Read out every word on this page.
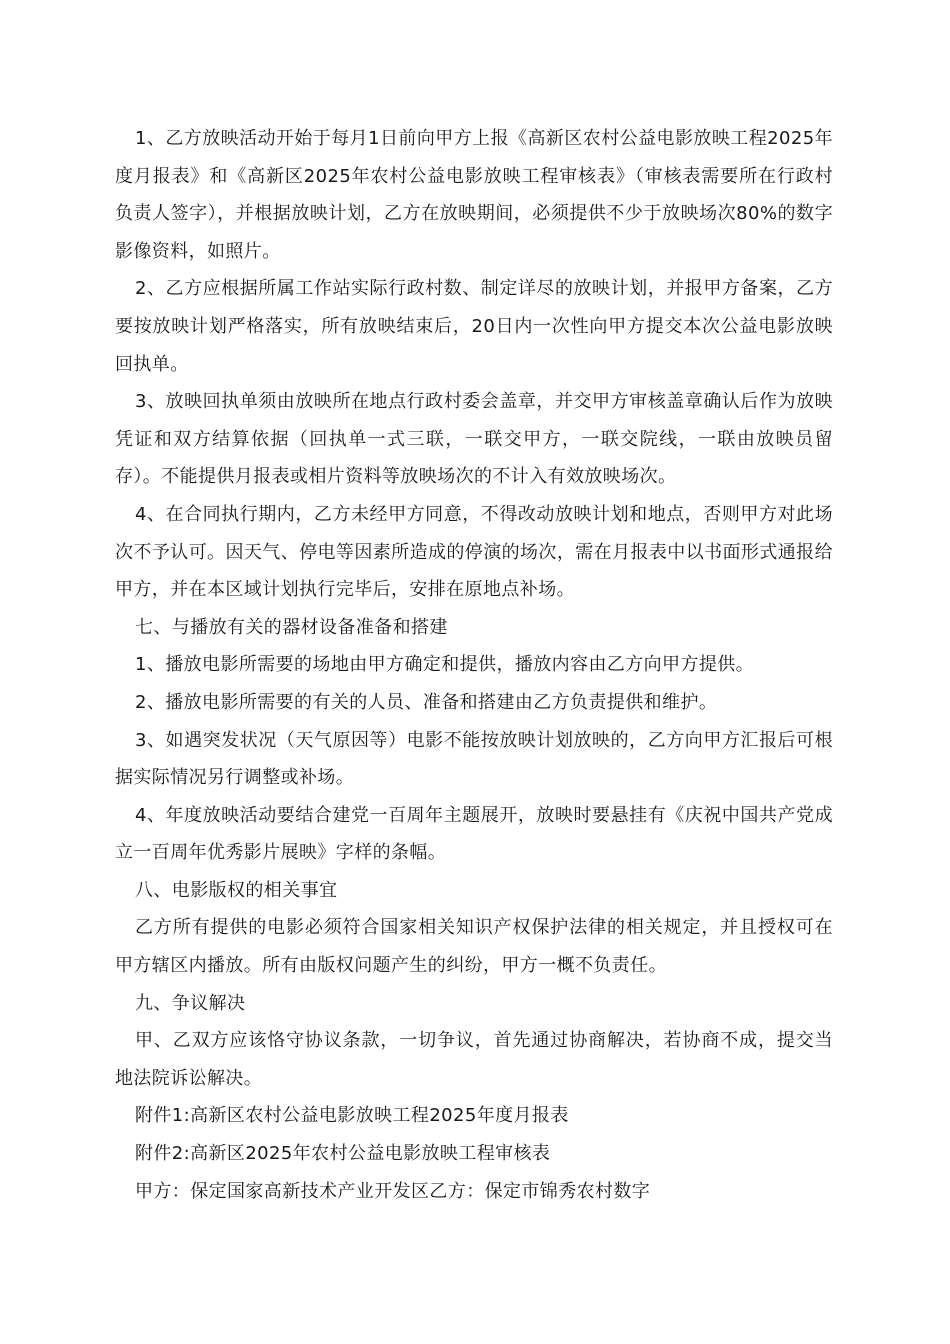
1、乙方放映活动开始于每月1日前向甲方上报《高新区农村公益电影放映工程2025年度月报表》和《高新区2025年农村公益电影放映工程审核表》（审核表需要所在行政村负责人签字），并根据放映计划，乙方在放映期间，必须提供不少于放映场次80%的数字影像资料，如照片。

2、乙方应根据所属工作站实际行政村数、制定详尽的放映计划，并报甲方备案，乙方要按放映计划严格落实，所有放映结束后，20日内一次性向甲方提交本次公益电影放映回执单。

3、放映回执单须由放映所在地点行政村委会盖章，并交甲方审核盖章确认后作为放映凭证和双方结算依据（回执单一式三联，一联交甲方，一联交院线，一联由放映员留存）。不能提供月报表或相片资料等放映场次的不计入有效放映场次。

4、在合同执行期内，乙方未经甲方同意，不得改动放映计划和地点，否则甲方对此场次不予认可。因天气、停电等因素所造成的停演的场次，需在月报表中以书面形式通报给甲方，并在本区域计划执行完毕后，安排在原地点补场。

七、与播放有关的器材设备准备和搭建

1、播放电影所需要的场地由甲方确定和提供，播放内容由乙方向甲方提供。

2、播放电影所需要的有关的人员、准备和搭建由乙方负责提供和维护。

3、如遇突发状况（天气原因等）电影不能按放映计划放映的，乙方向甲方汇报后可根据实际情况另行调整或补场。

4、年度放映活动要结合建党一百周年主题展开，放映时要悬挂有《庆祝中国共产党成立一百周年优秀影片展映》字样的条幅。

八、电影版权的相关事宜

乙方所有提供的电影必须符合国家相关知识产权保护法律的相关规定，并且授权可在甲方辖区内播放。所有由版权问题产生的纠纷，甲方一概不负责任。

九、争议解决

甲、乙双方应该恪守协议条款，一切争议，首先通过协商解决，若协商不成，提交当地法院诉讼解决。

附件1:高新区农村公益电影放映工程2025年度月报表

附件2:高新区2025年农村公益电影放映工程审核表

甲方：保定国家高新技术产业开发区乙方：保定市锦秀农村数字
